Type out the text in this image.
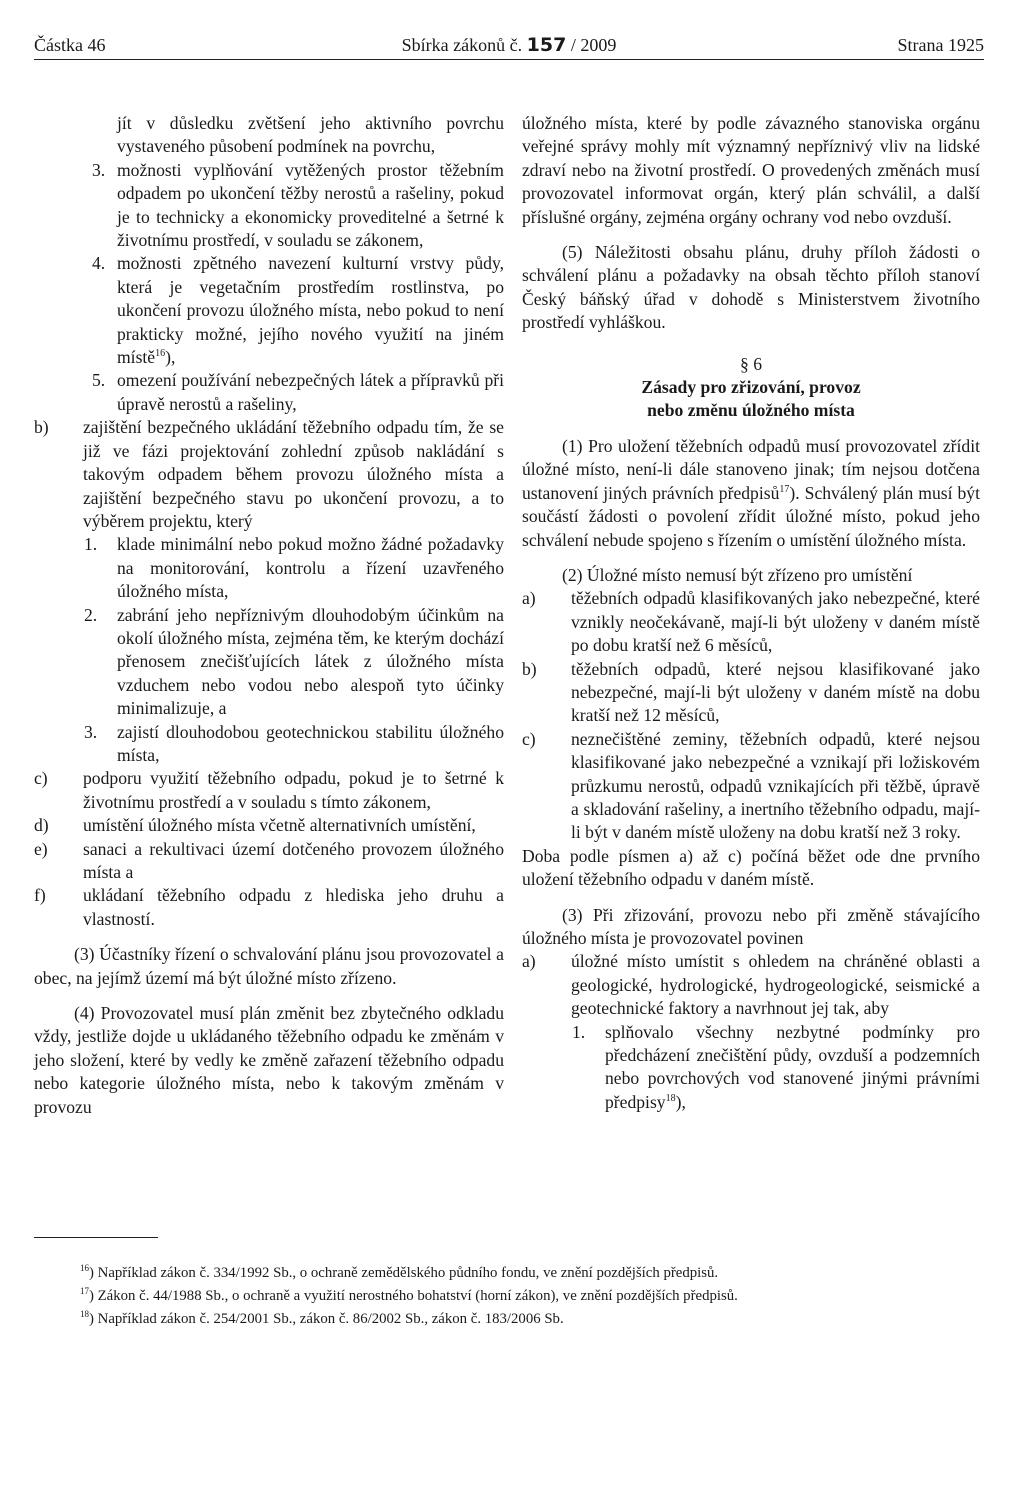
Částka 46	Sbírka zákonů č. 157 / 2009	Strana 1925
jít v důsledku zvětšení jeho aktivního povrchu vystaveného působení podmínek na povrchu,
3. možnosti vyplňování vytěžených prostor těžebním odpadem po ukončení těžby nerostů a rašeliny, pokud je to technicky a ekonomicky proveditelné a šetrné k životnímu prostředí, v souladu se zákonem,
4. možnosti zpětného navezení kulturní vrstvy půdy, která je vegetačním prostředím rostlinstva, po ukončení provozu úložného místa, nebo pokud to není prakticky možné, jejího nového využití na jiném místě$^{16}$),
5. omezení používání nebezpečných látek a přípravků při úpravě nerostů a rašeliny,
b) zajištění bezpečného ukládání těžebního odpadu tím, že se již ve fázi projektování zohlední způsob nakládání s takovým odpadem během provozu úložného místa a zajištění bezpečného stavu po ukončení provozu, a to výběrem projektu, který
1. klade minimální nebo pokud možno žádné požadavky na monitorování, kontrolu a řízení uzavřeného úložného místa,
2. zabrání jeho nepříznivým dlouhodobým účinkům na okolí úložného místa, zejména těm, ke kterým dochází přenosem znečišťujících látek z úložného místa vzduchem nebo vodou nebo alespoň tyto účinky minimalizuje, a
3. zajistí dlouhodobou geotechnickou stabilitu úložného místa,
c) podporu využití těžebního odpadu, pokud je to šetrné k životnímu prostředí a v souladu s tímto zákonem,
d) umístění úložného místa včetně alternativních umístění,
e) sanaci a rekultivaci území dotčeného provozem úložného místa a
f) ukládaní těžebního odpadu z hlediska jeho druhu a vlastností.
(3) Účastníky řízení o schvalování plánu jsou provozovatel a obec, na jejímž území má být úložné místo zřízeno.
(4) Provozovatel musí plán změnit bez zbytečného odkladu vždy, jestliže dojde u ukládaného těžebního odpadu ke změnám v jeho složení, které by vedly ke změně zařazení těžebního odpadu nebo kategorie úložného místa, nebo k takovým změnám v provozu
úložného místa, které by podle závazného stanoviska orgánu veřejné správy mohly mít významný nepříznivý vliv na lidské zdraví nebo na životní prostředí. O provedených změnách musí provozovatel informovat orgán, který plán schválil, a další příslušné orgány, zejména orgány ochrany vod nebo ovzduší.
(5) Náležitosti obsahu plánu, druhy příloh žádosti o schválení plánu a požadavky na obsah těchto příloh stanoví Český báňský úřad v dohodě s Ministerstvem životního prostředí vyhláškou.
§ 6
Zásady pro zřizování, provoz
nebo změnu úložného místa
(1) Pro uložení těžebních odpadů musí provozovatel zřídit úložné místo, není-li dále stanoveno jinak; tím nejsou dotčena ustanovení jiných právních předpisů$^{17}$). Schválený plán musí být součástí žádosti o povolení zřídit úložné místo, pokud jeho schválení nebude spojeno s řízením o umístění úložného místa.
(2) Úložné místo nemusí být zřízeno pro umístění
a) těžebních odpadů klasifikovaných jako nebezpečné, které vznikly neočekávaně, mají-li být uloženy v daném místě po dobu kratší než 6 měsíců,
b) těžebních odpadů, které nejsou klasifikované jako nebezpečné, mají-li být uloženy v daném místě na dobu kratší než 12 měsíců,
c) neznečištěné zeminy, těžebních odpadů, které nejsou klasifikované jako nebezpečné a vznikají při ložiskovém průzkumu nerostů, odpadů vznikajících při těžbě, úpravě a skladování rašeliny, a inertního těžebního odpadu, mají-li být v daném místě uloženy na dobu kratší než 3 roky.
Doba podle písmen a) až c) počíná běžet ode dne prvního uložení těžebního odpadu v daném místě.
(3) Při zřizování, provozu nebo při změně stávajícího úložného místa je provozovatel povinen
a) úložné místo umístit s ohledem na chráněné oblasti a geologické, hydrologické, hydrogeologické, seismické a geotechnické faktory a navrhnout jej tak, aby
1. splňovalo všechny nezbytné podmínky pro předcházení znečištění půdy, ovzduší a podzemních nebo povrchových vod stanovené jinými právními předpisy$^{18}$),
$^{16}$) Například zákon č. 334/1992 Sb., o ochraně zemědělského půdního fondu, ve znění pozdějších předpisů.
$^{17}$) Zákon č. 44/1988 Sb., o ochraně a využití nerostného bohatství (horní zákon), ve znění pozdějších předpisů.
$^{18}$) Například zákon č. 254/2001 Sb., zákon č. 86/2002 Sb., zákon č. 183/2006 Sb.
